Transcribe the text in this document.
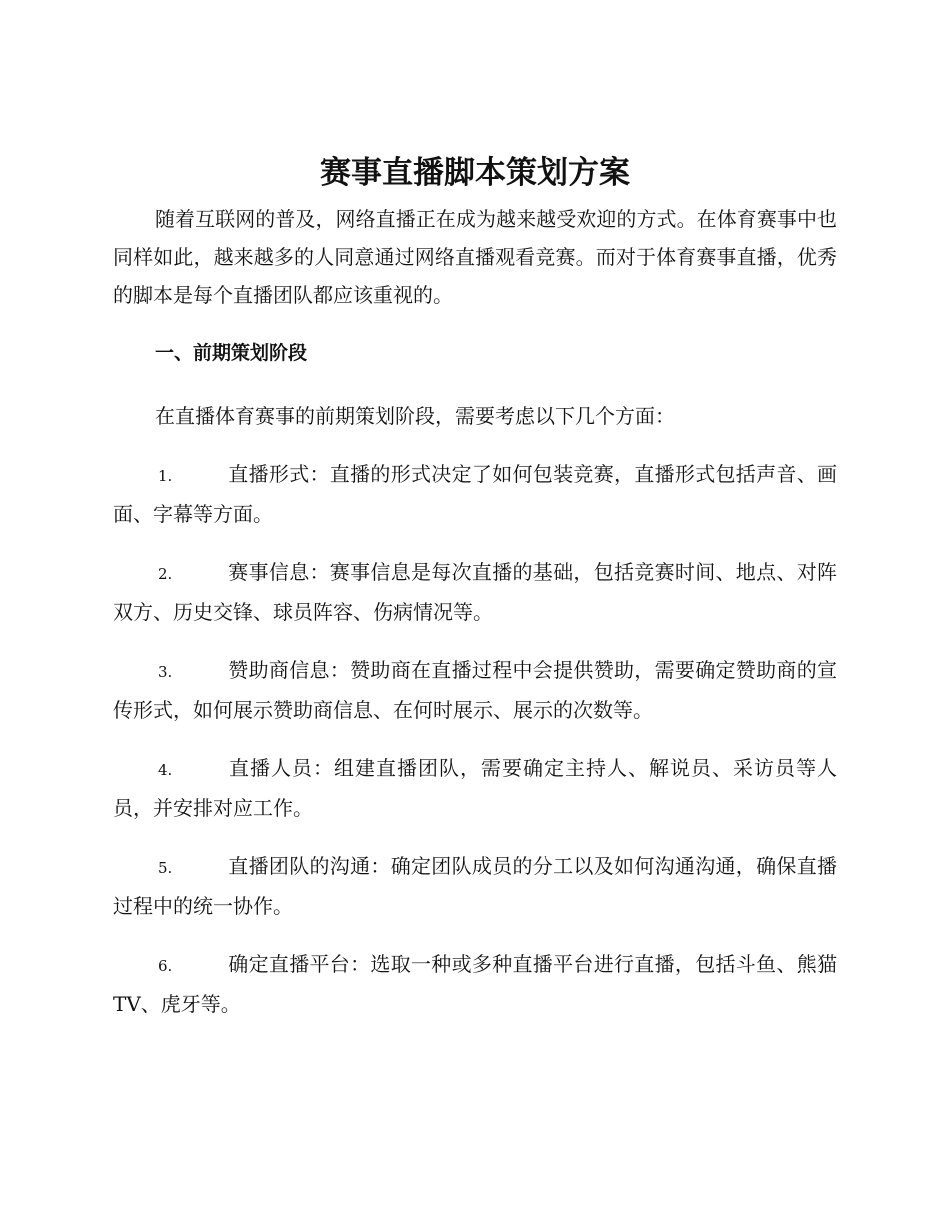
赛事直播脚本策划方案

随着互联网的普及，网络直播正在成为越来越受欢迎的方式。在体育赛事中也同样如此，越来越多的人同意通过网络直播观看竞赛。而对于体育赛事直播，优秀的脚本是每个直播团队都应该重视的。

一、前期策划阶段

在直播体育赛事的前期策划阶段，需要考虑以下几个方面：

1.	直播形式：直播的形式决定了如何包装竞赛，直播形式包括声音、画面、字幕等方面。

2.	赛事信息：赛事信息是每次直播的基础，包括竞赛时间、地点、对阵双方、历史交锋、球员阵容、伤病情况等。

3.	赞助商信息：赞助商在直播过程中会提供赞助，需要确定赞助商的宣传形式，如何展示赞助商信息、在何时展示、展示的次数等。

4.	直播人员：组建直播团队，需要确定主持人、解说员、采访员等人员，并安排对应工作。

5.	直播团队的沟通：确定团队成员的分工以及如何沟通沟通，确保直播过程中的统一协作。

6.	确定直播平台：选取一种或多种直播平台进行直播，包括斗鱼、熊猫 TV、虎牙等。
